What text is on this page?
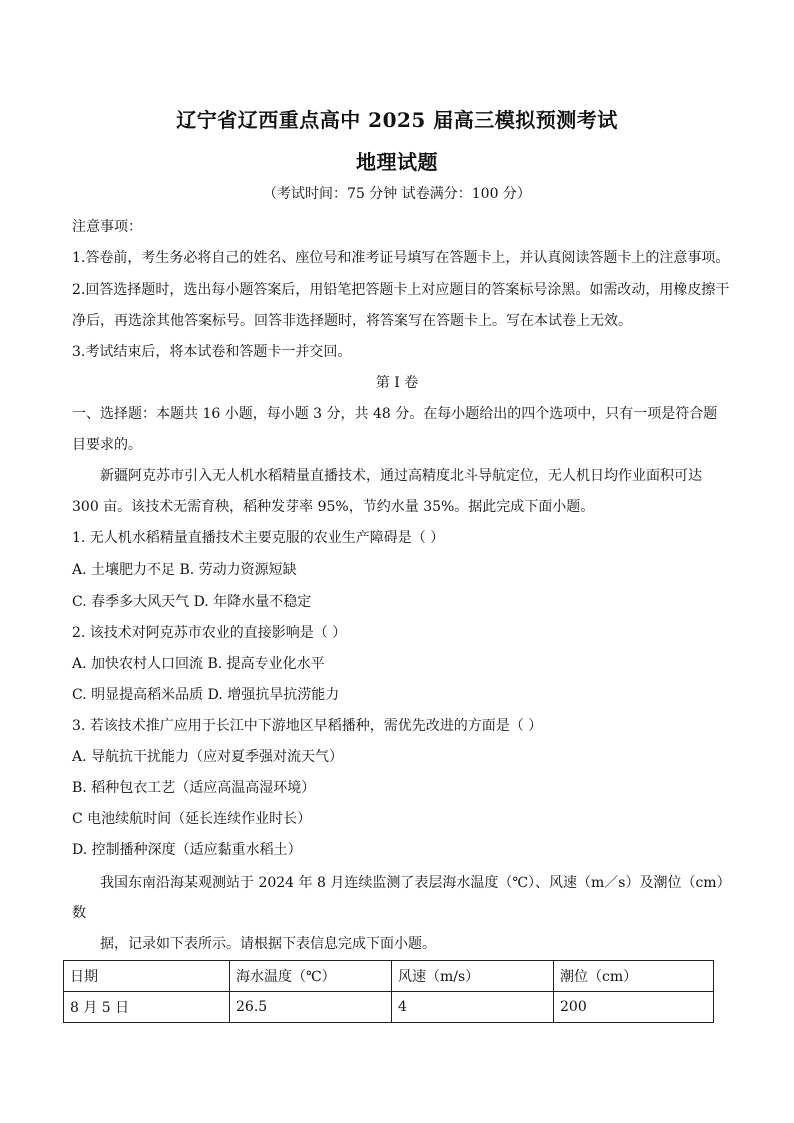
辽宁省辽西重点高中 2025 届高三模拟预测考试
地理试题
（考试时间：75 分钟 试卷满分：100 分）
注意事项：
1.答卷前，考生务必将自己的姓名、座位号和准考证号填写在答题卡上，并认真阅读答题卡上的注意事项。
2.回答选择题时，选出每小题答案后，用铅笔把答题卡上对应题目的答案标号涂黑。如需改动，用橡皮擦干
净后，再选涂其他答案标号。回答非选择题时，将答案写在答题卡上。写在本试卷上无效。
3.考试结束后，将本试卷和答题卡一并交回。
第 I 卷
一、选择题：本题共 16 小题，每小题 3 分，共 48 分。在每小题给出的四个选项中，只有一项是符合题
目要求的。
新疆阿克苏市引入无人机水稻精量直播技术，通过高精度北斗导航定位，无人机日均作业面积可达
300 亩。该技术无需育秧，稻种发芽率 95%，节约水量 35%。据此完成下面小题。
1. 无人机水稻精量直播技术主要克服的农业生产障碍是（ ）
A. 土壤肥力不足 B. 劳动力资源短缺
C. 春季多大风天气 D. 年降水量不稳定
2. 该技术对阿克苏市农业的直接影响是（ ）
A. 加快农村人口回流 B. 提高专业化水平
C. 明显提高稻米品质 D. 增强抗旱抗涝能力
3. 若该技术推广应用于长江中下游地区早稻播种，需优先改进的方面是（ ）
A. 导航抗干扰能力（应对夏季强对流天气）
B. 稻种包衣工艺（适应高温高湿环境）
C 电池续航时间（延长连续作业时长）
D. 控制播种深度（适应黏重水稻土）
我国东南沿海某观测站于 2024 年 8 月连续监测了表层海水温度（℃）、风速（m／s）及潮位（cm）
数
据，记录如下表所示。请根据下表信息完成下面小题。
日期	海水温度（℃）	风速（m/s）	潮位（cm）
8 月 5 日	26.5	4	200
